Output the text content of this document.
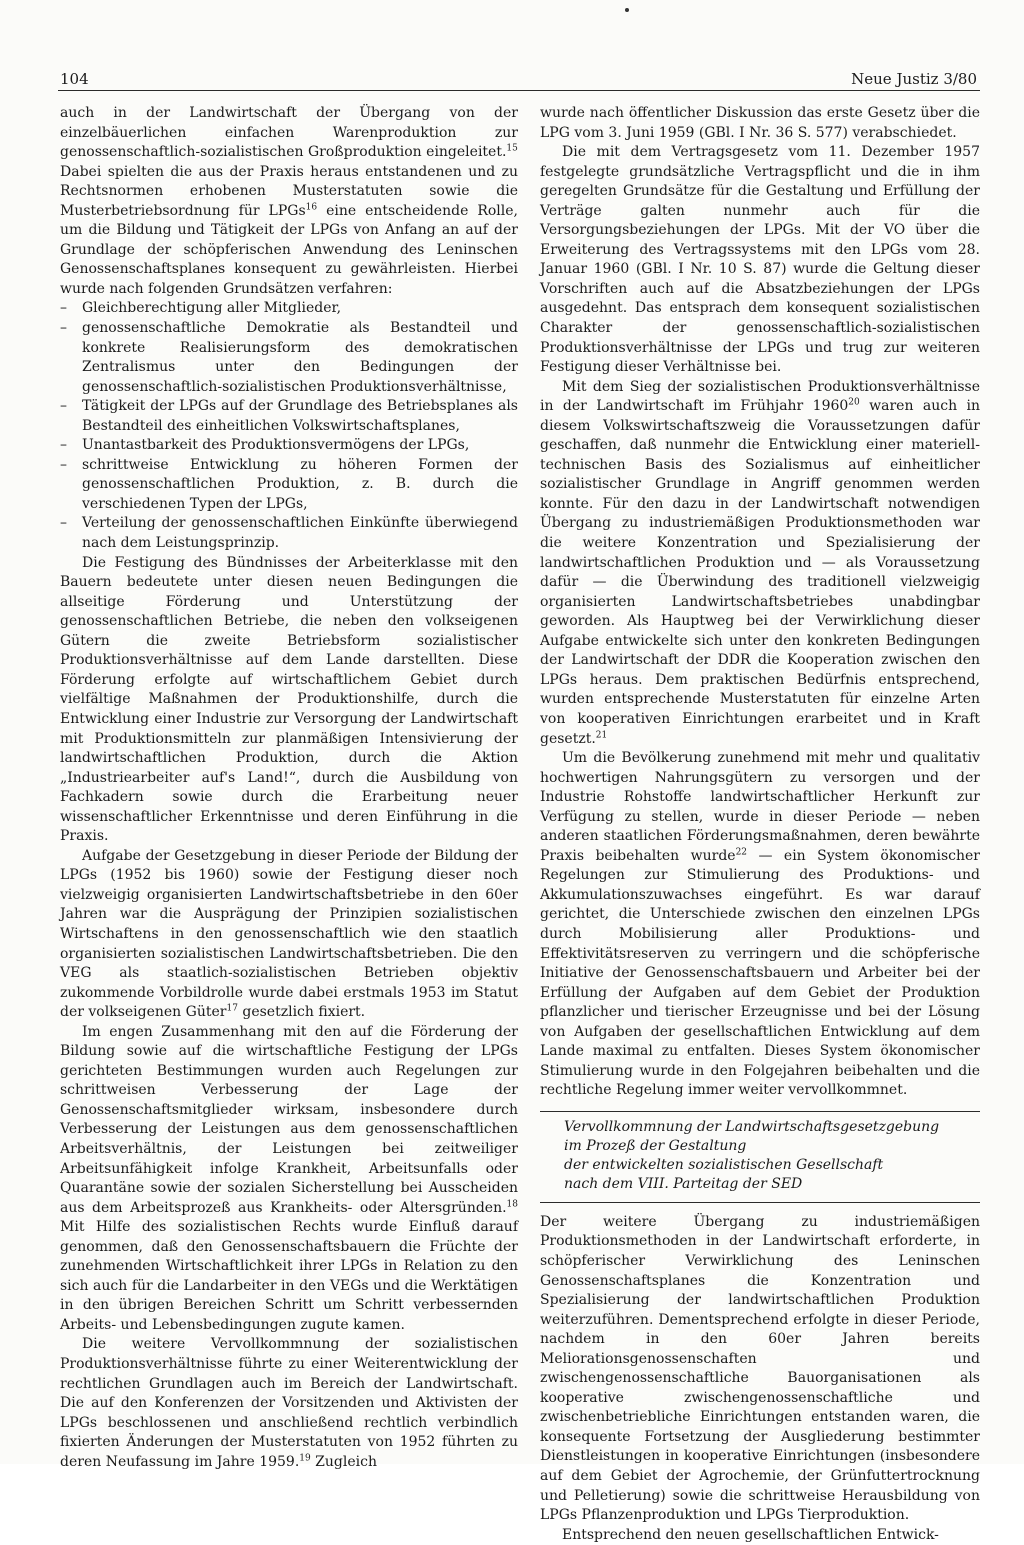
104	Neue Justiz 3/80

auch in der Landwirtschaft der Übergang von der einzelbäuerlichen einfachen Warenproduktion zur genossenschaftlich-sozialistischen Großproduktion eingeleitet.$^{15}$

Dabei spielten die aus der Praxis heraus entstandenen und zu Rechtsnormen erhobenen Musterstatuten sowie die Musterbetriebsordnung für LPGs$^{16}$ eine entscheidende Rolle, um die Bildung und Tätigkeit der LPGs von Anfang an auf der Grundlage der schöpferischen Anwendung des Leninschen Genossenschaftsplanes konsequent zu gewährleisten. Hierbei wurde nach folgenden Grundsätzen verfahren:

– Gleichberechtigung aller Mitglieder,
– genossenschaftliche Demokratie als Bestandteil und konkrete Realisierungsform des demokratischen Zentralismus unter den Bedingungen der genossenschaftlich-sozialistischen Produktionsverhältnisse,
– Tätigkeit der LPGs auf der Grundlage des Betriebsplanes als Bestandteil des einheitlichen Volkswirtschaftsplanes,
– Unantastbarkeit des Produktionsvermögens der LPGs,
– schrittweise Entwicklung zu höheren Formen der genossenschaftlichen Produktion, z. B. durch die verschiedenen Typen der LPGs,
– Verteilung der genossenschaftlichen Einkünfte überwiegend nach dem Leistungsprinzip.

Die Festigung des Bündnisses der Arbeiterklasse mit den Bauern bedeutete unter diesen neuen Bedingungen die allseitige Förderung und Unterstützung der genossenschaftlichen Betriebe, die neben den volkseigenen Gütern die zweite Betriebsform sozialistischer Produktionsverhältnisse auf dem Lande darstellten. Diese Förderung erfolgte auf wirtschaftlichem Gebiet durch vielfältige Maßnahmen der Produktionshilfe, durch die Entwicklung einer Industrie zur Versorgung der Landwirtschaft mit Produktionsmitteln zur planmäßigen Intensivierung der landwirtschaftlichen Produktion, durch die Aktion „Industriearbeiter auf's Land!“, durch die Ausbildung von Fachkadern sowie durch die Erarbeitung neuer wissenschaftlicher Erkenntnisse und deren Einführung in die Praxis.

Aufgabe der Gesetzgebung in dieser Periode der Bildung der LPGs (1952 bis 1960) sowie der Festigung dieser noch vielzweigig organisierten Landwirtschaftsbetriebe in den 60er Jahren war die Ausprägung der Prinzipien sozialistischen Wirtschaftens in den genossenschaftlich wie den staatlich organisierten sozialistischen Landwirtschaftsbetrieben. Die den VEG als staatlich-sozialistischen Betrieben objektiv zukommende Vorbildrolle wurde dabei erstmals 1953 im Statut der volkseigenen Güter$^{17}$ gesetzlich fixiert.

Im engen Zusammenhang mit den auf die Förderung der Bildung sowie auf die wirtschaftliche Festigung der LPGs gerichteten Bestimmungen wurden auch Regelungen zur schrittweisen Verbesserung der Lage der Genossenschaftsmitglieder wirksam, insbesondere durch Verbesserung der Leistungen aus dem genossenschaftlichen Arbeitsverhältnis, der Leistungen bei zeitweiliger Arbeitsunfähigkeit infolge Krankheit, Arbeitsunfalls oder Quarantäne sowie der sozialen Sicherstellung bei Ausscheiden aus dem Arbeitsprozeß aus Krankheits- oder Altersgründen.$^{18}$ Mit Hilfe des sozialistischen Rechts wurde Einfluß darauf genommen, daß den Genossenschaftsbauern die Früchte der zunehmenden Wirtschaftlichkeit ihrer LPGs in Relation zu den sich auch für die Landarbeiter in den VEGs und die Werktätigen in den übrigen Bereichen Schritt um Schritt verbessernden Arbeits- und Lebensbedingungen zugute kamen.

Die weitere Vervollkommnung der sozialistischen Produktionsverhältnisse führte zu einer Weiterentwicklung der rechtlichen Grundlagen auch im Bereich der Landwirtschaft. Die auf den Konferenzen der Vorsitzenden und Aktivisten der LPGs beschlossenen und anschließend rechtlich verbindlich fixierten Änderungen der Musterstatuten von 1952 führten zu deren Neufassung im Jahre 1959.19 Zugleich

wurde nach öffentlicher Diskussion das erste Gesetz über die LPG vom 3. Juni 1959 (GBl. I Nr. 36 S. 577) verabschiedet.

Die mit dem Vertragsgesetz vom 11. Dezember 1957 festgelegte grundsätzliche Vertragspflicht und die in ihm geregelten Grundsätze für die Gestaltung und Erfüllung der Verträge galten nunmehr auch für die Versorgungsbeziehungen der LPGs. Mit der VO über die Erweiterung des Vertragssystems mit den LPGs vom 28. Januar 1960 (GBl. I Nr. 10 S. 87) wurde die Geltung dieser Vorschriften auch auf die Absatzbeziehungen der LPGs ausgedehnt. Das entsprach dem konsequent sozialistischen Charakter der genossenschaftlich-sozialistischen Produktionsverhältnisse der LPGs und trug zur weiteren Festigung dieser Verhältnisse bei.

Mit dem Sieg der sozialistischen Produktionsverhältnisse in der Landwirtschaft im Frühjahr 1960$^{20}$ waren auch in diesem Volkswirtschaftszweig die Voraussetzungen dafür geschaffen, daß nunmehr die Entwicklung einer materiell-technischen Basis des Sozialismus auf einheitlicher sozialistischer Grundlage in Angriff genommen werden konnte. Für den dazu in der Landwirtschaft notwendigen Übergang zu industriemäßigen Produktionsmethoden war die weitere Konzentration und Spezialisierung der landwirtschaftlichen Produktion und — als Voraussetzung dafür — die Überwindung des traditionell vielzweigig organisierten Landwirtschaftsbetriebes unabdingbar geworden. Als Hauptweg bei der Verwirklichung dieser Aufgabe entwickelte sich unter den konkreten Bedingungen der Landwirtschaft der DDR die Kooperation zwischen den LPGs heraus. Dem praktischen Bedürfnis entsprechend, wurden entsprechende Musterstatuten für einzelne Arten von kooperativen Einrichtungen erarbeitet und in Kraft gesetzt.$^{21}$

Um die Bevölkerung zunehmend mit mehr und qualitativ hochwertigen Nahrungsgütern zu versorgen und der Industrie Rohstoffe landwirtschaftlicher Herkunft zur Verfügung zu stellen, wurde in dieser Periode — neben anderen staatlichen Förderungsmaßnahmen, deren bewährte Praxis beibehalten wurde$^{22}$ — ein System ökonomischer Regelungen zur Stimulierung des Produktions- und Akkumulationszuwachses eingeführt. Es war darauf gerichtet, die Unterschiede zwischen den einzelnen LPGs durch Mobilisierung aller Produktions- und Effektivitätsreserven zu verringern und die schöpferische Initiative der Genossenschaftsbauern und Arbeiter bei der Erfüllung der Aufgaben auf dem Gebiet der Produktion pflanzlicher und tierischer Erzeugnisse und bei der Lösung von Aufgaben der gesellschaftlichen Entwicklung auf dem Lande maximal zu entfalten. Dieses System ökonomischer Stimulierung wurde in den Folgejahren beibehalten und die rechtliche Regelung immer weiter vervollkommnet.

Vervollkommnung der Landwirtschaftsgesetzgebung
im Prozeß der Gestaltung
der entwickelten sozialistischen Gesellschaft
nach dem VIII. Parteitag der SED

Der weitere Übergang zu industriemäßigen Produktionsmethoden in der Landwirtschaft erforderte, in schöpferischer Verwirklichung des Leninschen Genossenschaftsplanes die Konzentration und Spezialisierung der landwirtschaftlichen Produktion weiterzuführen. Dementsprechend erfolgte in dieser Periode, nachdem in den 60er Jahren bereits Meliorationsgenossenschaften und zwischengenossenschaftliche Bauorganisationen als kooperative zwischengenossenschaftliche und zwischenbetriebliche Einrichtungen entstanden waren, die konsequente Fortsetzung der Ausgliederung bestimmter Dienstleistungen in kooperative Einrichtungen (insbesondere auf dem Gebiet der Agrochemie, der Grünfuttertrocknung und Pelletierung) sowie die schrittweise Herausbildung von LPGs Pflanzenproduktion und LPGs Tierproduktion.

Entsprechend den neuen gesellschaftlichen Entwick-
